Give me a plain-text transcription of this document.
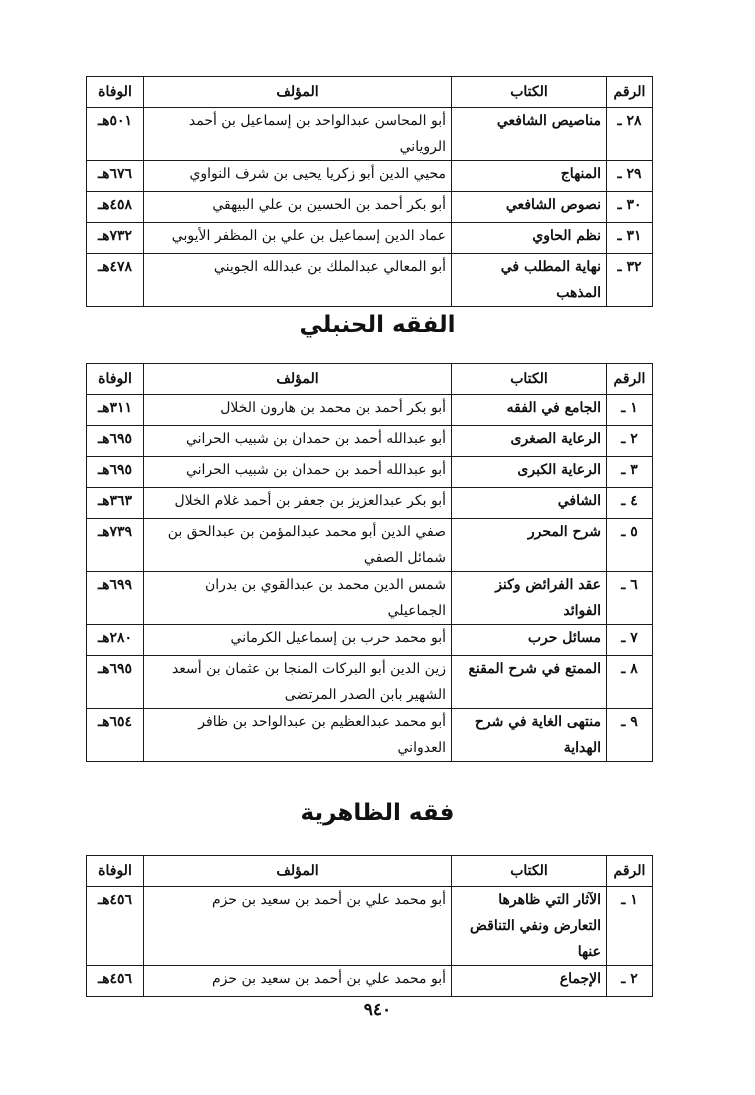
الرقم	الكتاب	المؤلف	الوفاة
٢٨ ـ	مناصيص الشافعي	أبو المحاسن عبدالواحد بن إسماعيل بن أحمد الروياني	٥٠١هـ
٢٩ ـ	المنهاج	محيي الدين أبو زكريا يحيى بن شرف النواوي	٦٧٦هـ
٣٠ ـ	نصوص الشافعي	أبو بكر أحمد بن الحسين بن علي البيهقي	٤٥٨هـ
٣١ ـ	نظم الحاوي	عماد الدين إسماعيل بن علي بن المظفر الأيوبي	٧٣٢هـ
٣٢ ـ	نهاية المطلب في المذهب	أبو المعالي عبدالملك بن عبدالله الجويني	٤٧٨هـ
الفقه الحنبلي
الرقم	الكتاب	المؤلف	الوفاة
١ ـ	الجامع في الفقه	أبو بكر أحمد بن محمد بن هارون الخلال	٣١١هـ
٢ ـ	الرعاية الصغرى	أبو عبدالله أحمد بن حمدان بن شبيب الحراني	٦٩٥هـ
٣ ـ	الرعاية الكبرى	أبو عبدالله أحمد بن حمدان بن شبيب الحراني	٦٩٥هـ
٤ ـ	الشافي	أبو بكر عبدالعزيز بن جعفر بن أحمد غلام الخلال	٣٦٣هـ
٥ ـ	شرح المحرر	صفي الدين أبو محمد عبدالمؤمن بن عبدالحق بن شمائل الصفي	٧٣٩هـ
٦ ـ	عقد الفرائض وكنز الفوائد	شمس الدين محمد بن عبدالقوي بن بدران الجماعيلي	٦٩٩هـ
٧ ـ	مسائل حرب	أبو محمد حرب بن إسماعيل الكرماني	٢٨٠هـ
٨ ـ	الممتع في شرح المقنع	زين الدين أبو البركات المنجا بن عثمان بن أسعد الشهير بابن الصدر المرتضى	٦٩٥هـ
٩ ـ	منتهى الغاية في شرح الهداية	أبو محمد عبدالعظيم بن عبدالواحد بن ظافر العدواني	٦٥٤هـ
فقه الظاهرية
الرقم	الكتاب	المؤلف	الوفاة
١ ـ	الآثار التي ظاهرها التعارض ونفي التناقض عنها	أبو محمد علي بن أحمد بن سعيد بن حزم	٤٥٦هـ
٢ ـ	الإجماع	أبو محمد علي بن أحمد بن سعيد بن حزم	٤٥٦هـ
٩٤٠
